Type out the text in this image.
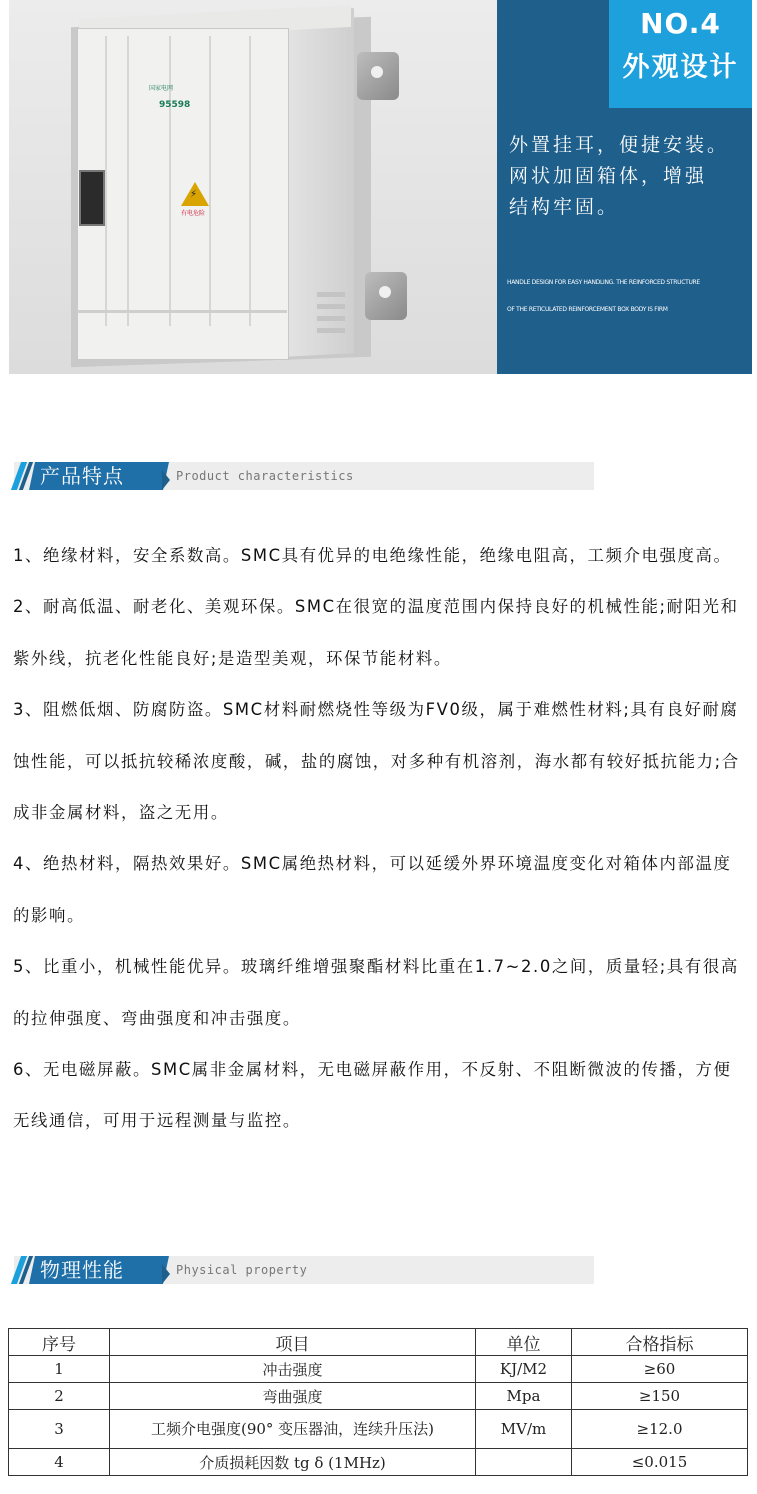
国家电网
95598
⚡
有电危险
NO.4
外观设计
外置挂耳，便捷安装。
网状加固箱体，增强
结构牢固。
HANDLE DESIGN FOR EASY HANDLING. THE REINFORCED STRUCTURE
OF THE RETICULATED REINFORCEMENT BOX BODY IS FIRM
产品特点	Product characteristics

1、绝缘材料，安全系数高。SMC具有优异的电绝缘性能，绝缘电阻高，工频介电强度高。

2、耐高低温、耐老化、美观环保。SMC在很宽的温度范围内保持良好的机械性能;耐阳光和紫外线，抗老化性能良好;是造型美观，环保节能材料。

3、阻燃低烟、防腐防盗。SMC材料耐燃烧性等级为FV0级，属于难燃性材料;具有良好耐腐蚀性能，可以抵抗较稀浓度酸，碱，盐的腐蚀，对多种有机溶剂，海水都有较好抵抗能力;合成非金属材料，盗之无用。

4、绝热材料，隔热效果好。SMC属绝热材料，可以延缓外界环境温度变化对箱体内部温度的影响。

5、比重小，机械性能优异。玻璃纤维增强聚酯材料比重在1.7~2.0之间，质量轻;具有很高的拉伸强度、弯曲强度和冲击强度。

6、无电磁屏蔽。SMC属非金属材料，无电磁屏蔽作用，不反射、不阻断微波的传播，方便无线通信，可用于远程测量与监控。

物理性能	Physical property
序号	项目	单位	合格指标
1	冲击强度	KJ/M2	≥60
2	弯曲强度	Mpa	≥150
3	工频介电强度(90° 变压器油，连续升压法)	MV/m	≥12.0
4	介质损耗因数 tg δ (1MHz)		≤0.015
